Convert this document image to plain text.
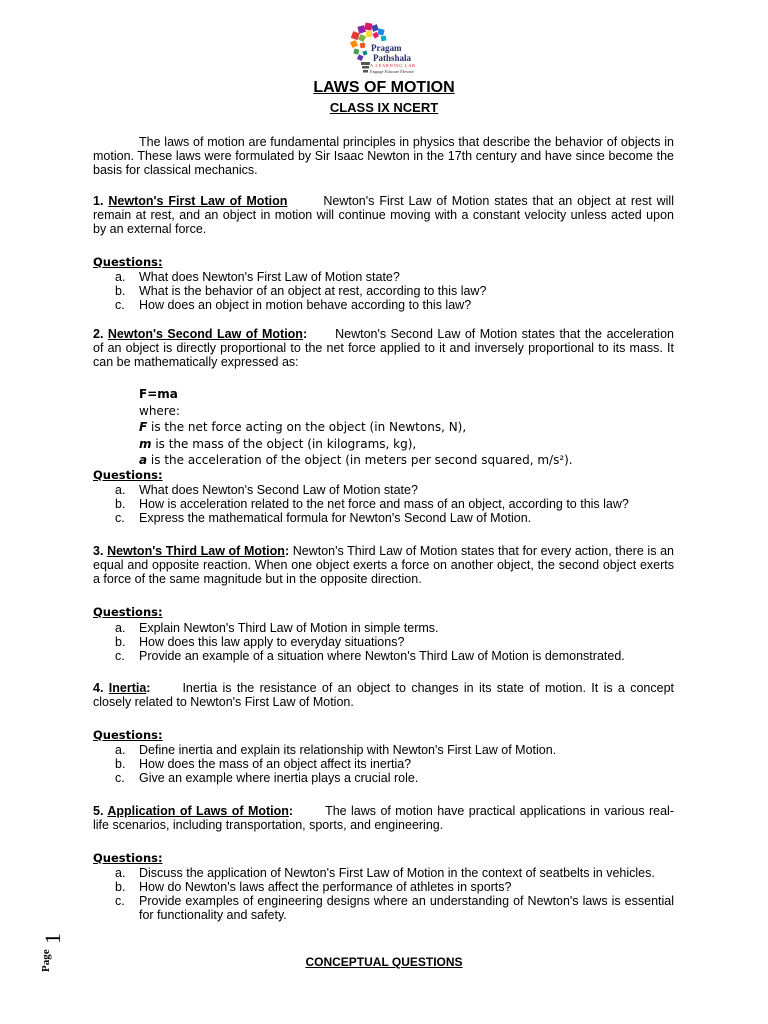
Pragam
Pathshala
A LEARNING LAB
Engage Educate Elevate
LAWS OF MOTION
CLASS IX NCERT

The laws of motion are fundamental principles in physics that describe the behavior of objects in motion. These laws were formulated by Sir Isaac Newton in the 17th century and have since become the basis for classical mechanics.

1. Newton's First Law of Motion	Newton's First Law of Motion states that an object at rest will remain at rest, and an object in motion will continue moving with a constant velocity unless acted upon by an external force.

Questions:
a. What does Newton's First Law of Motion state?
b. What is the behavior of an object at rest, according to this law?
c. How does an object in motion behave according to this law?

2. Newton's Second Law of Motion: Newton's Second Law of Motion states that the acceleration of an object is directly proportional to the net force applied to it and inversely proportional to its mass. It can be mathematically expressed as:

F=ma
where:
F is the net force acting on the object (in Newtons, N),
m is the mass of the object (in kilograms, kg),
a is the acceleration of the object (in meters per second squared, m/s²).
Questions:
a. What does Newton's Second Law of Motion state?
b. How is acceleration related to the net force and mass of an object, according to this law?
c. Express the mathematical formula for Newton's Second Law of Motion.

3. Newton's Third Law of Motion: Newton's Third Law of Motion states that for every action, there is an equal and opposite reaction. When one object exerts a force on another object, the second object exerts a force of the same magnitude but in the opposite direction.

Questions:
a. Explain Newton's Third Law of Motion in simple terms.
b. How does this law apply to everyday situations?
c. Provide an example of a situation where Newton's Third Law of Motion is demonstrated.

4. Inertia:	Inertia is the resistance of an object to changes in its state of motion. It is a concept closely related to Newton's First Law of Motion.

Questions:
a. Define inertia and explain its relationship with Newton's First Law of Motion.
b. How does the mass of an object affect its inertia?
c. Give an example where inertia plays a crucial role.

5. Application of Laws of Motion:	The laws of motion have practical applications in various real-life scenarios, including transportation, sports, and engineering.

Questions:
a. Discuss the application of Newton's First Law of Motion in the context of seatbelts in vehicles.
b. How do Newton's laws affect the performance of athletes in sports?
c. Provide examples of engineering designs where an understanding of Newton's laws is essential for functionality and safety.
CONCEPTUAL QUESTIONS
Page
1
